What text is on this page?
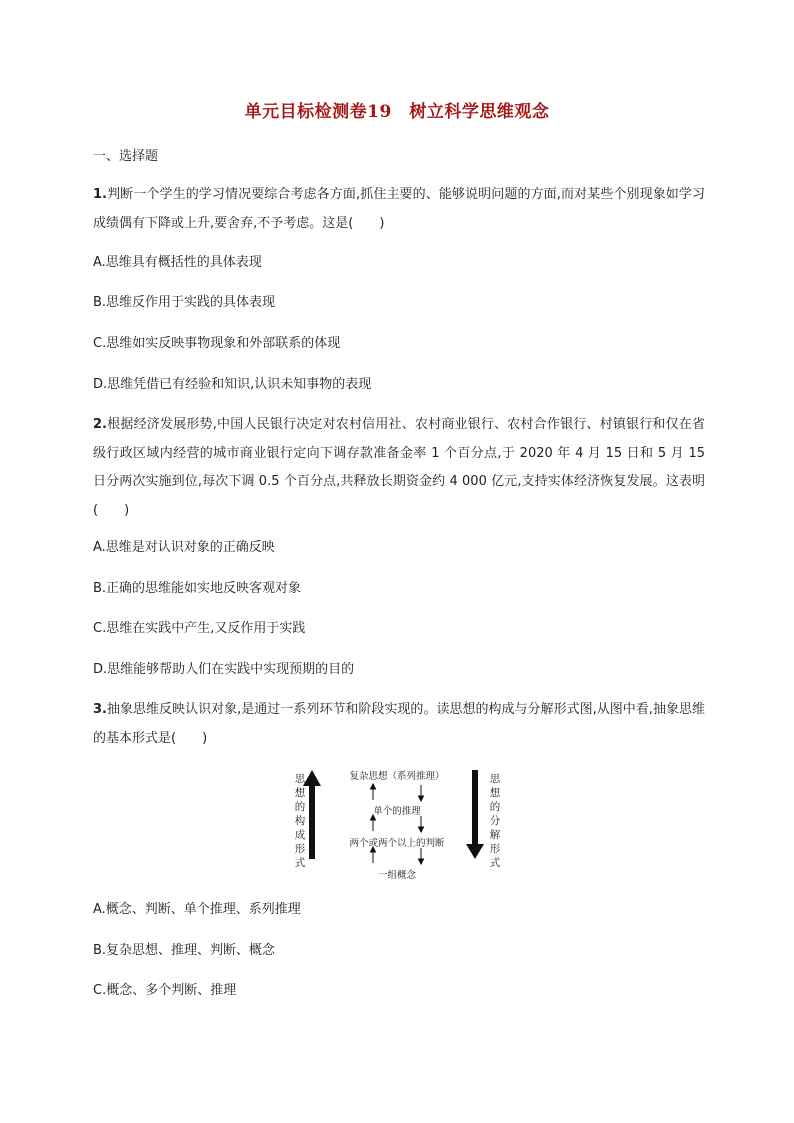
单元目标检测卷19　树立科学思维观念
一、选择题
1.判断一个学生的学习情况要综合考虑各方面,抓住主要的、能够说明问题的方面,而对某些个别现象如学习成绩偶有下降或上升,要舍弃,不予考虑。这是(　　)
A.思维具有概括性的具体表现
B.思维反作用于实践的具体表现
C.思维如实反映事物现象和外部联系的体现
D.思维凭借已有经验和知识,认识未知事物的表现
2.根据经济发展形势,中国人民银行决定对农村信用社、农村商业银行、农村合作银行、村镇银行和仅在省级行政区域内经营的城市商业银行定向下调存款准备金率 1 个百分点,于 2020 年 4 月 15 日和 5 月 15 日分两次实施到位,每次下调 0.5 个百分点,共释放长期资金约 4 000 亿元,支持实体经济恢复发展。这表明(　　)
A.思维是对认识对象的正确反映
B.正确的思维能如实地反映客观对象
C.思维在实践中产生,又反作用于实践
D.思维能够帮助人们在实践中实现预期的目的
3.抽象思维反映认识对象,是通过一系列环节和阶段实现的。读思想的构成与分解形式图,从图中看,抽象思维的基本形式是(　　)
思想的构成形式
思想的分解形式
复杂思想（系列推理）
单个的推理
两个或两个以上的判断
一组概念
A.概念、判断、单个推理、系列推理
B.复杂思想、推理、判断、概念
C.概念、多个判断、推理
